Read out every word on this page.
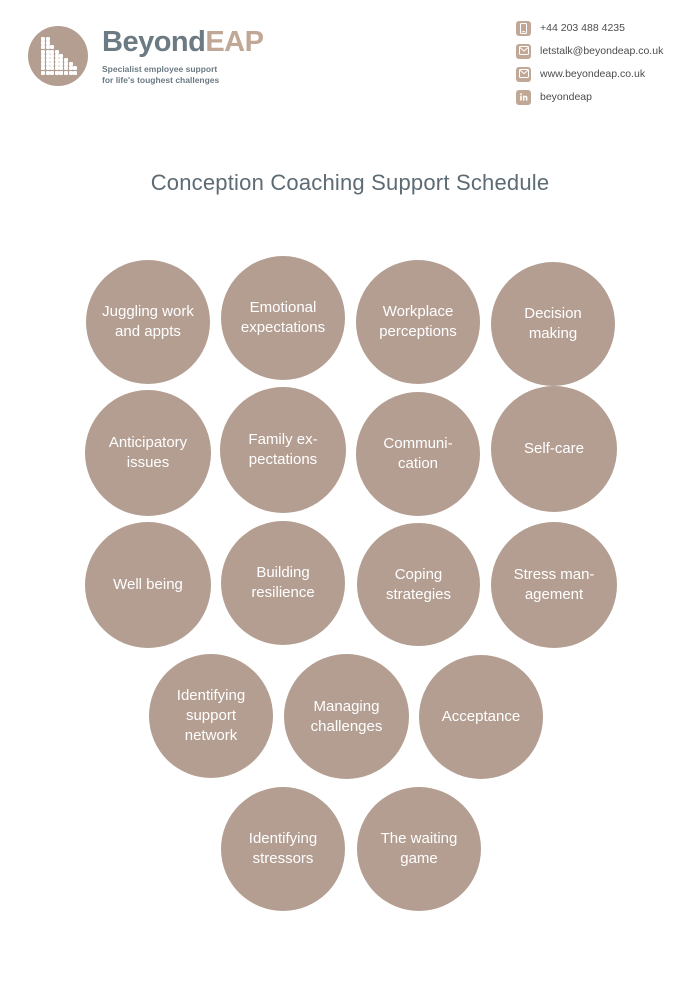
BeyondEAP
Specialist employee support
for life's toughest challenges
+44 203 488 4235
letstalk@beyondeap.co.uk
www.beyondeap.co.uk
beyondeap
Conception Coaching Support Schedule
Juggling work and appts
Emotional expectations
Workplace perceptions
Decision making
Anticipatory issues
Family ex- pectations
Communi- cation
Self-care
Well being
Building resilience
Coping strategies
Stress man- agement
Identifying support network
Managing challenges
Acceptance
Identifying stressors
The waiting game
